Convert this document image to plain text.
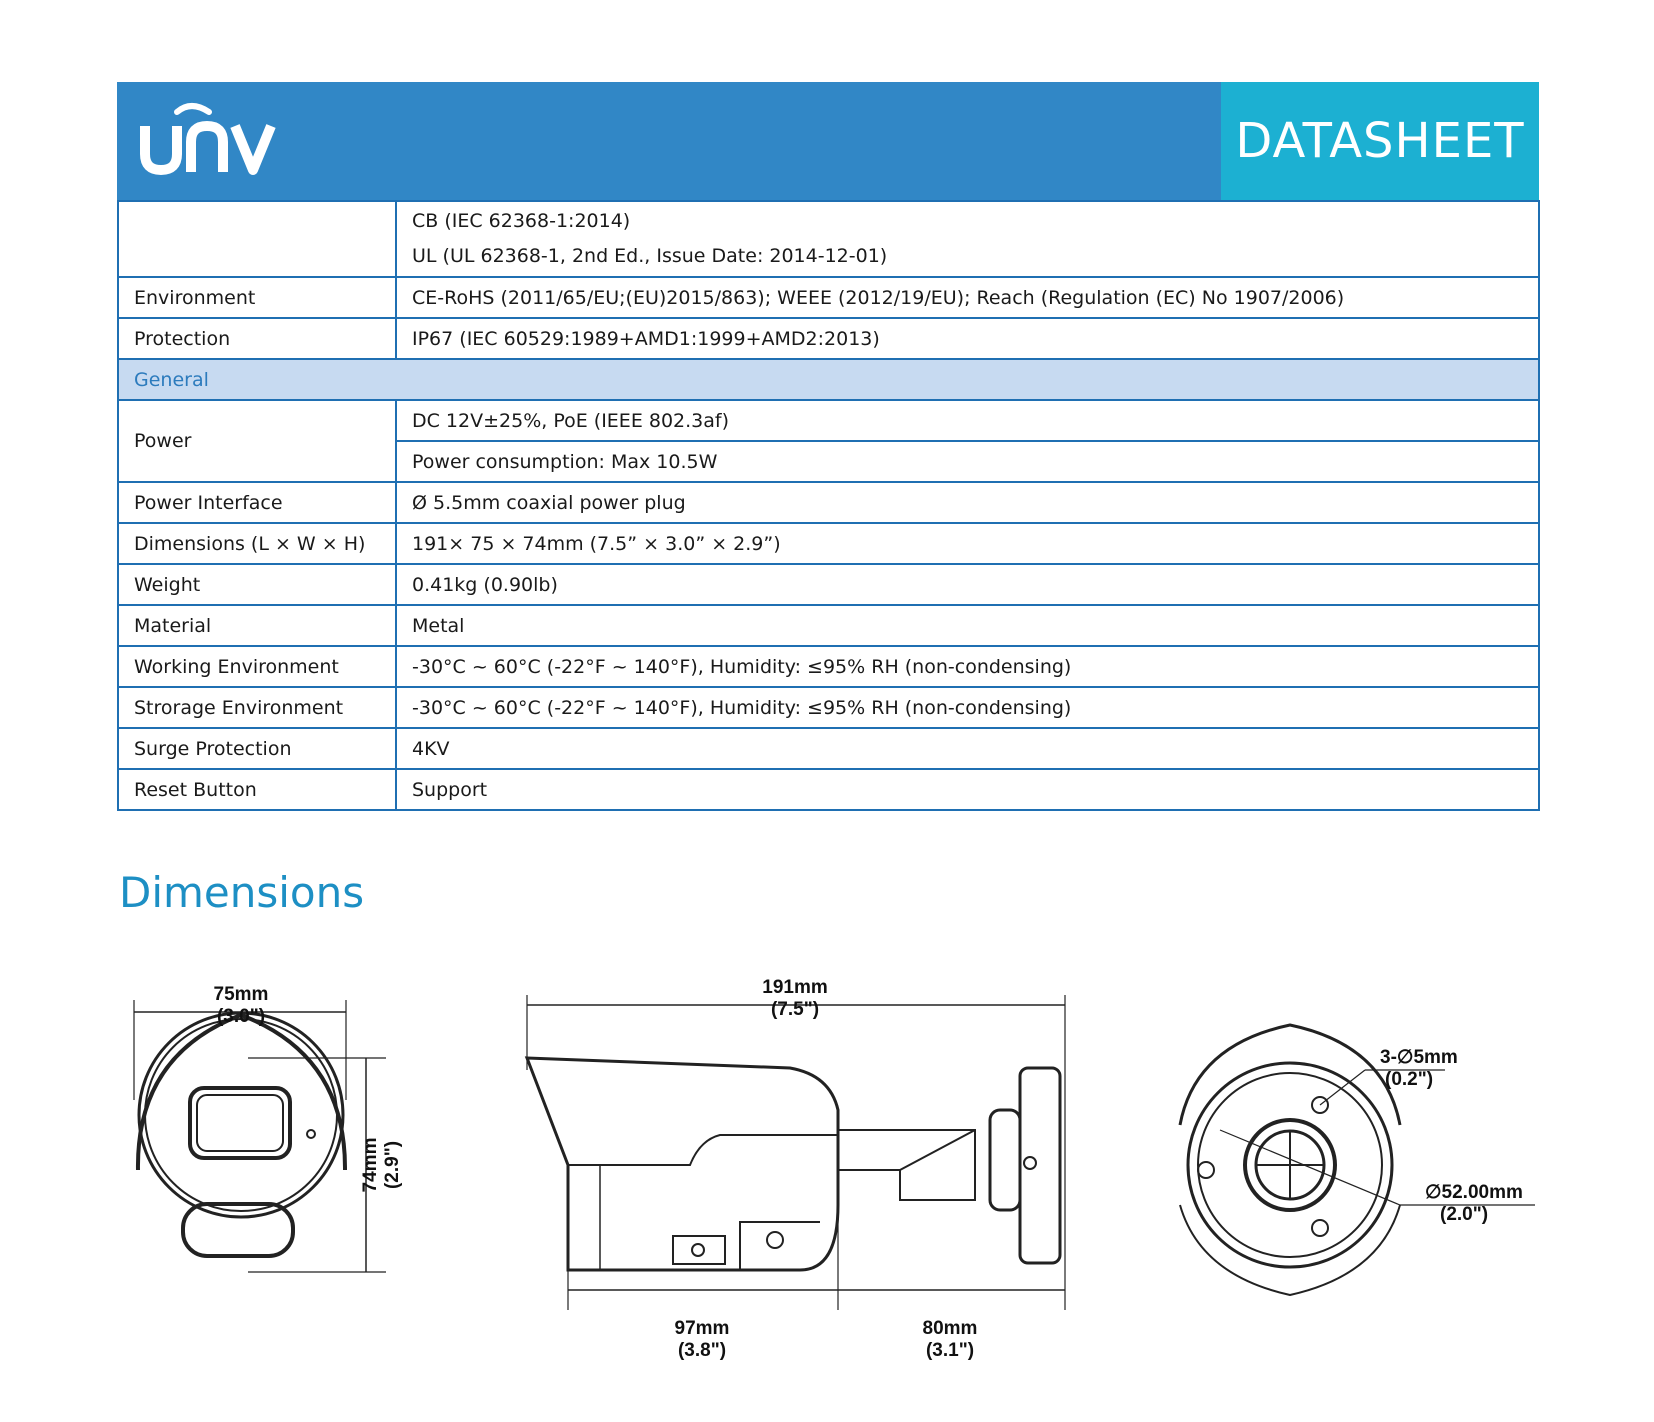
DATASHEET

	CB (IEC 62368-1:2014)
UL (UL 62368-1, 2nd Ed., Issue Date: 2014-12-01)

Environment	CE-RoHS (2011/65/EU;(EU)2015/863); WEEE (2012/19/EU); Reach (Regulation (EC) No 1907/2006)
Protection	IP67 (IEC 60529:1989+AMD1:1999+AMD2:2013)
General	
Power	DC 12V±25%, PoE (IEEE 802.3af)
	Power consumption: Max 10.5W
Power Interface	Ø 5.5mm coaxial power plug
Dimensions (L × W × H)	191× 75 × 74mm (7.5” × 3.0” × 2.9”)
Weight	0.41kg (0.90lb)
Material	Metal
Working Environment	-30°C ~ 60°C (-22°F ~ 140°F), Humidity: ≤95% RH (non-condensing)
Strorage Environment	-30°C ~ 60°C (-22°F ~ 140°F), Humidity: ≤95% RH (non-condensing)
Surge Protection	4KV
Reset Button	Support
Dimensions
75mm
(3.0")
74mm (2.9")
191mm
(7.5")
97mm
(3.8")
80mm
(3.1")
3-∅5mm
(0.2")
∅52.00mm
(2.0")
